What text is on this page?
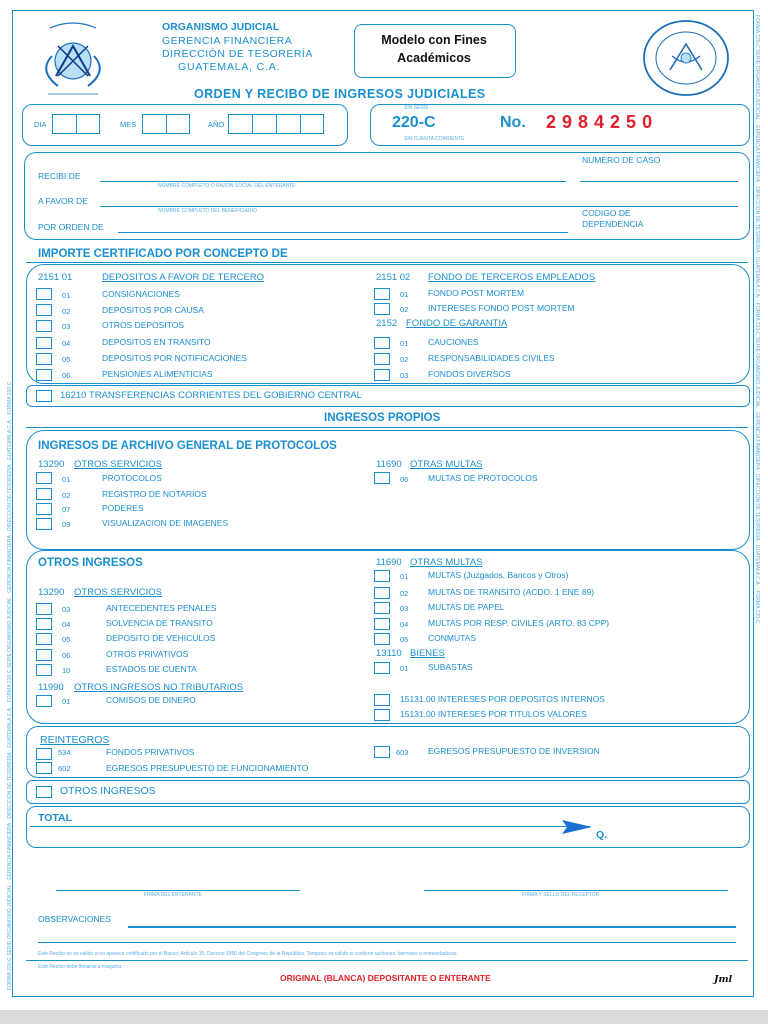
FORMA 220-C SERIE ORGANISMO JUDICIAL · GERENCIA FINANCIERA · DIRECCION DE TESORERIA · GUATEMALA C.A. · FORMA 220-C SERIE ORGANISMO JUDICIAL · GERENCIA FINANCIERA · DIRECCION DE TESORERIA · GUATEMALA C.A. · FORMA 220-C
FORMA 220-C SERIE ORGANISMO JUDICIAL · GERENCIA FINANCIERA · DIRECCION DE TESORERIA · GUATEMALA C.A. · FORMA 220-C SERIE ORGANISMO JUDICIAL · GERENCIA FINANCIERA · DIRECCION DE TESORERIA · GUATEMALA C.A. · FORMA 220-C
ORGANISMO JUDICIAL
GERENCIA FINANCIERA
DIRECCIÓN DE TESORERÍA
GUATEMALA, C.A.
Modelo con Fines
Académicos
ORDEN Y RECIBO DE INGRESOS JUDICIALES
DIA	MES	AÑO
SIN SERIE
220-C
SIN CUENTA CORRIENTE
No. 2984250
NUMERO DE CASO
RECIBI DE
NOMBRE COMPLETO O RAZON SOCIAL DEL ENTERANTE
A FAVOR DE
NOMBRE COMPLETO DEL BENEFICIARIO
POR ORDEN DE
CODIGO DE
DEPENDENCIA
IMPORTE CERTIFICADO POR CONCEPTO DE
2151 01	DEPOSITOS A FAVOR DE TERCERO
01	CONSIGNACIONES
02	DEPOSITOS POR CAUSA
03	OTROS DEPOSITOS
04	DEPOSITOS EN TRANSITO
05	DEPOSITOS POR NOTIFICACIONES
06	PENSIONES ALIMENTICIAS
2151 02 FONDO DE TERCEROS EMPLEADOS
01 FONDO POST MORTEM
02 INTERESES FONDO POST MORTEM
2152 FONDO DE GARANTIA
01 CAUCIONES
02 RESPONSABILIDADES CIVILES
03 FONDOS DIVERSOS
16210 TRANSFERENCIAS CORRIENTES DEL GOBIERNO CENTRAL
INGRESOS PROPIOS
INGRESOS DE ARCHIVO GENERAL DE PROTOCOLOS
13290 OTROS SERVICIOS
01	PROTOCOLOS
02	REGISTRO DE NOTARIOS
07	PODERES
09	VISUALIZACION DE IMAGENES
11690 OTRAS MULTAS
06 MULTAS DE PROTOCOLOS
OTROS INGRESOS
13290 OTROS SERVICIOS
03	ANTECEDENTES PENALES
04	SOLVENCIA DE TRANSITO
05	DEPOSITO DE VEHICULOS
06	OTROS PRIVATIVOS
10	ESTADOS DE CUENTA
11990 OTROS INGRESOS NO TRIBUTARIOS
01	COMISOS DE DINERO
11690 OTRAS MULTAS
01 MULTAS (Juzgados, Bancos y Otros)
02 MULTAS DE TRANSITO (ACDO. 1 ENE 89)
03 MULTAS DE PAPEL
04 MULTAS POR RESP. CIVILES (ARTO. 83 CPP)
05 CONMUTAS
13110 BIENES
01 SUBASTAS
15131.00 INTERESES POR DEPOSITOS INTERNOS
15131.00 INTERESES POR TITULOS VALORES
REINTEGROS
534	FONDOS PRIVATIVOS
602	EGRESOS PRESUPUESTO DE FUNCIONAMIENTO
603 EGRESOS PRESUPUESTO DE INVERSION
OTROS INGRESOS
TOTAL
Q.
FIRMA DEL ENTERANTE	FIRMA Y SELLO DEL RECEPTOR
OBSERVACIONES
Este Recibo no es valido si no aparece certificado por el Banco. Articulo 15, Decreto 1950 del Congreso de la República. Tampoco es valido si contiene tachones, borrones o enmendaduras.
Este Recibo debe llenarse a maquina.
ORIGINAL (BLANCA) DEPOSITANTE O ENTERANTE	Jml
